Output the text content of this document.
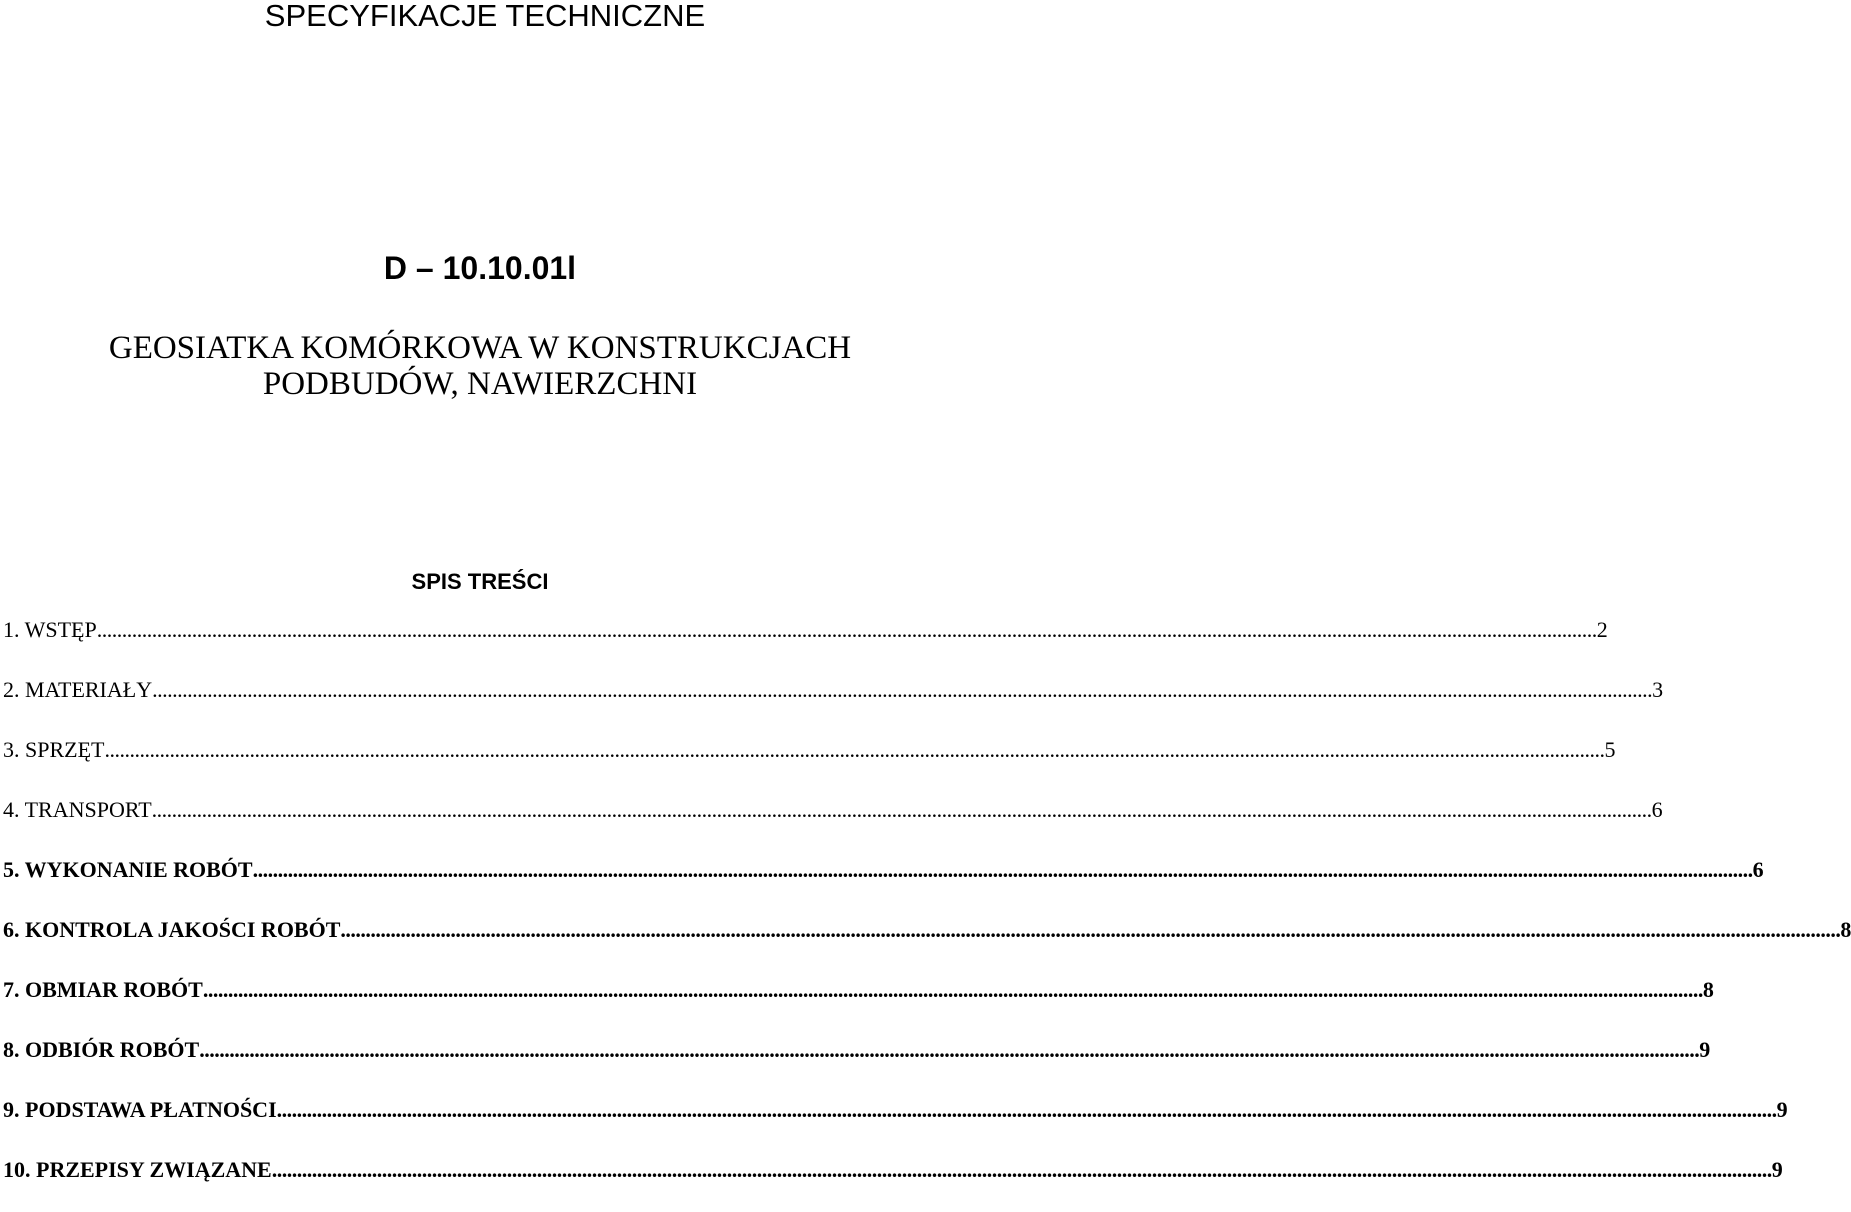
SPECYFIKACJE TECHNICZNE
D – 10.10.01l
GEOSIATKA KOMÓRKOWA W KONSTRUKCJACH
PODBUDÓW, NAWIERZCHNI
SPIS TREŚCI
1. WSTĘP ............................................................................................................................................................................................................................................................................................................ 2
2. MATERIAŁY ............................................................................................................................................................................................................................................................................................................ 3
3. SPRZĘT ............................................................................................................................................................................................................................................................................................................ 5
4. TRANSPORT ............................................................................................................................................................................................................................................................................................................ 6
5. WYKONANIE ROBÓT ............................................................................................................................................................................................................................................................................................................ 6
6. KONTROLA JAKOŚCI ROBÓT ............................................................................................................................................................................................................................................................................................................ 8
7. OBMIAR ROBÓT ............................................................................................................................................................................................................................................................................................................ 8
8. ODBIÓR ROBÓT ............................................................................................................................................................................................................................................................................................................ 9
9. PODSTAWA PŁATNOŚCI ............................................................................................................................................................................................................................................................................................................ 9
10. PRZEPISY ZWIĄZANE ............................................................................................................................................................................................................................................................................................................ 9
